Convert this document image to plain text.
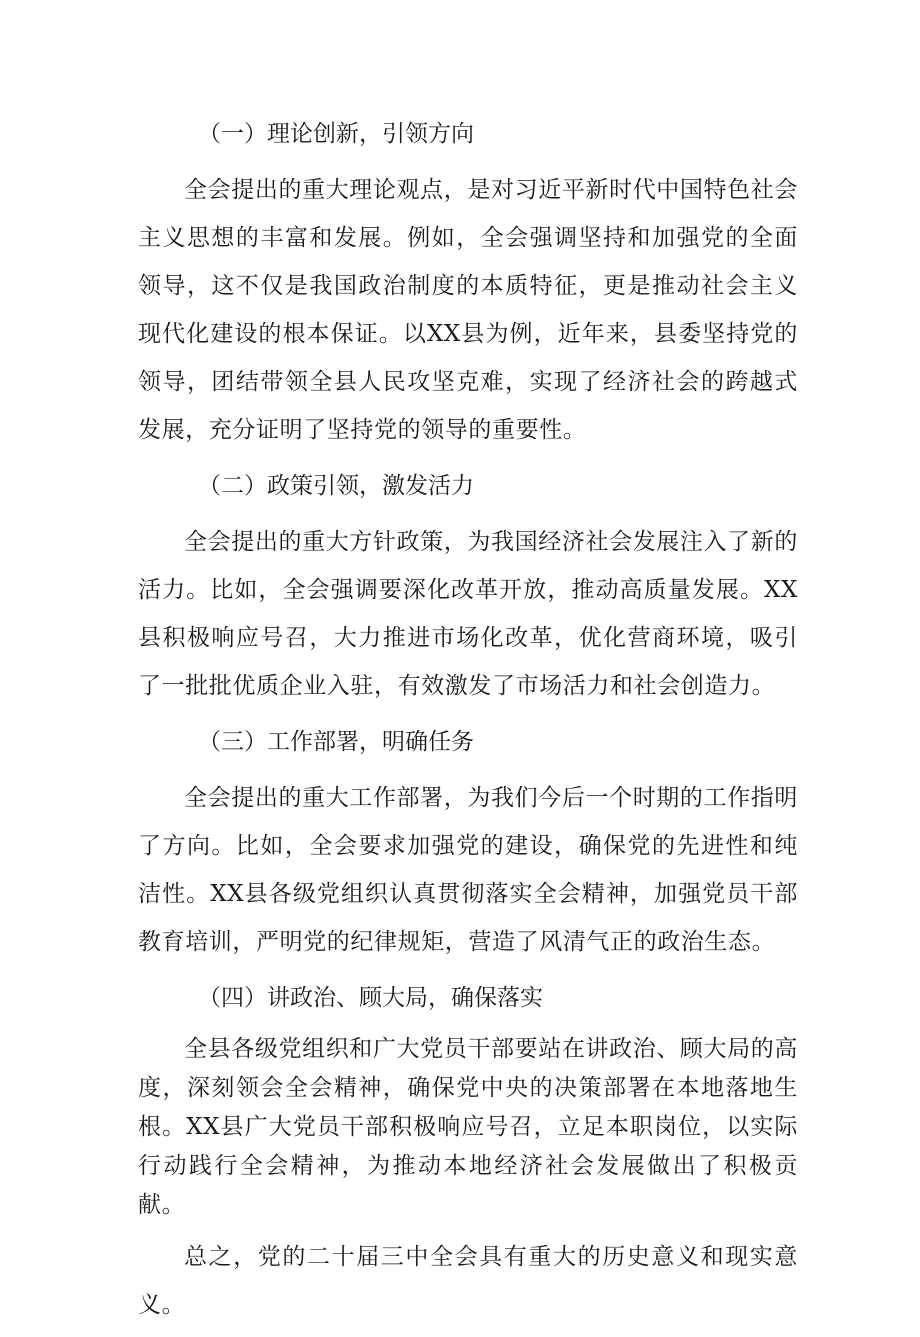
（一）理论创新，引领方向

全会提出的重大理论观点，是对习近平新时代中国特色社会主义思想的丰富和发展。例如，全会强调坚持和加强党的全面领导，这不仅是我国政治制度的本质特征，更是推动社会主义现代化建设的根本保证。以XX县为例，近年来，县委坚持党的领导，团结带领全县人民攻坚克难，实现了经济社会的跨越式发展，充分证明了坚持党的领导的重要性。

（二）政策引领，激发活力

全会提出的重大方针政策，为我国经济社会发展注入了新的活力。比如，全会强调要深化改革开放，推动高质量发展。XX县积极响应号召，大力推进市场化改革，优化营商环境，吸引了一批批优质企业入驻，有效激发了市场活力和社会创造力。

（三）工作部署，明确任务

全会提出的重大工作部署，为我们今后一个时期的工作指明了方向。比如，全会要求加强党的建设，确保党的先进性和纯洁性。XX县各级党组织认真贯彻落实全会精神，加强党员干部教育培训，严明党的纪律规矩，营造了风清气正的政治生态。

（四）讲政治、顾大局，确保落实

全县各级党组织和广大党员干部要站在讲政治、顾大局的高度，深刻领会全会精神，确保党中央的决策部署在本地落地生根。XX县广大党员干部积极响应号召，立足本职岗位，以实际行动践行全会精神，为推动本地经济社会发展做出了积极贡献。

总之，党的二十届三中全会具有重大的历史意义和现实意义。
